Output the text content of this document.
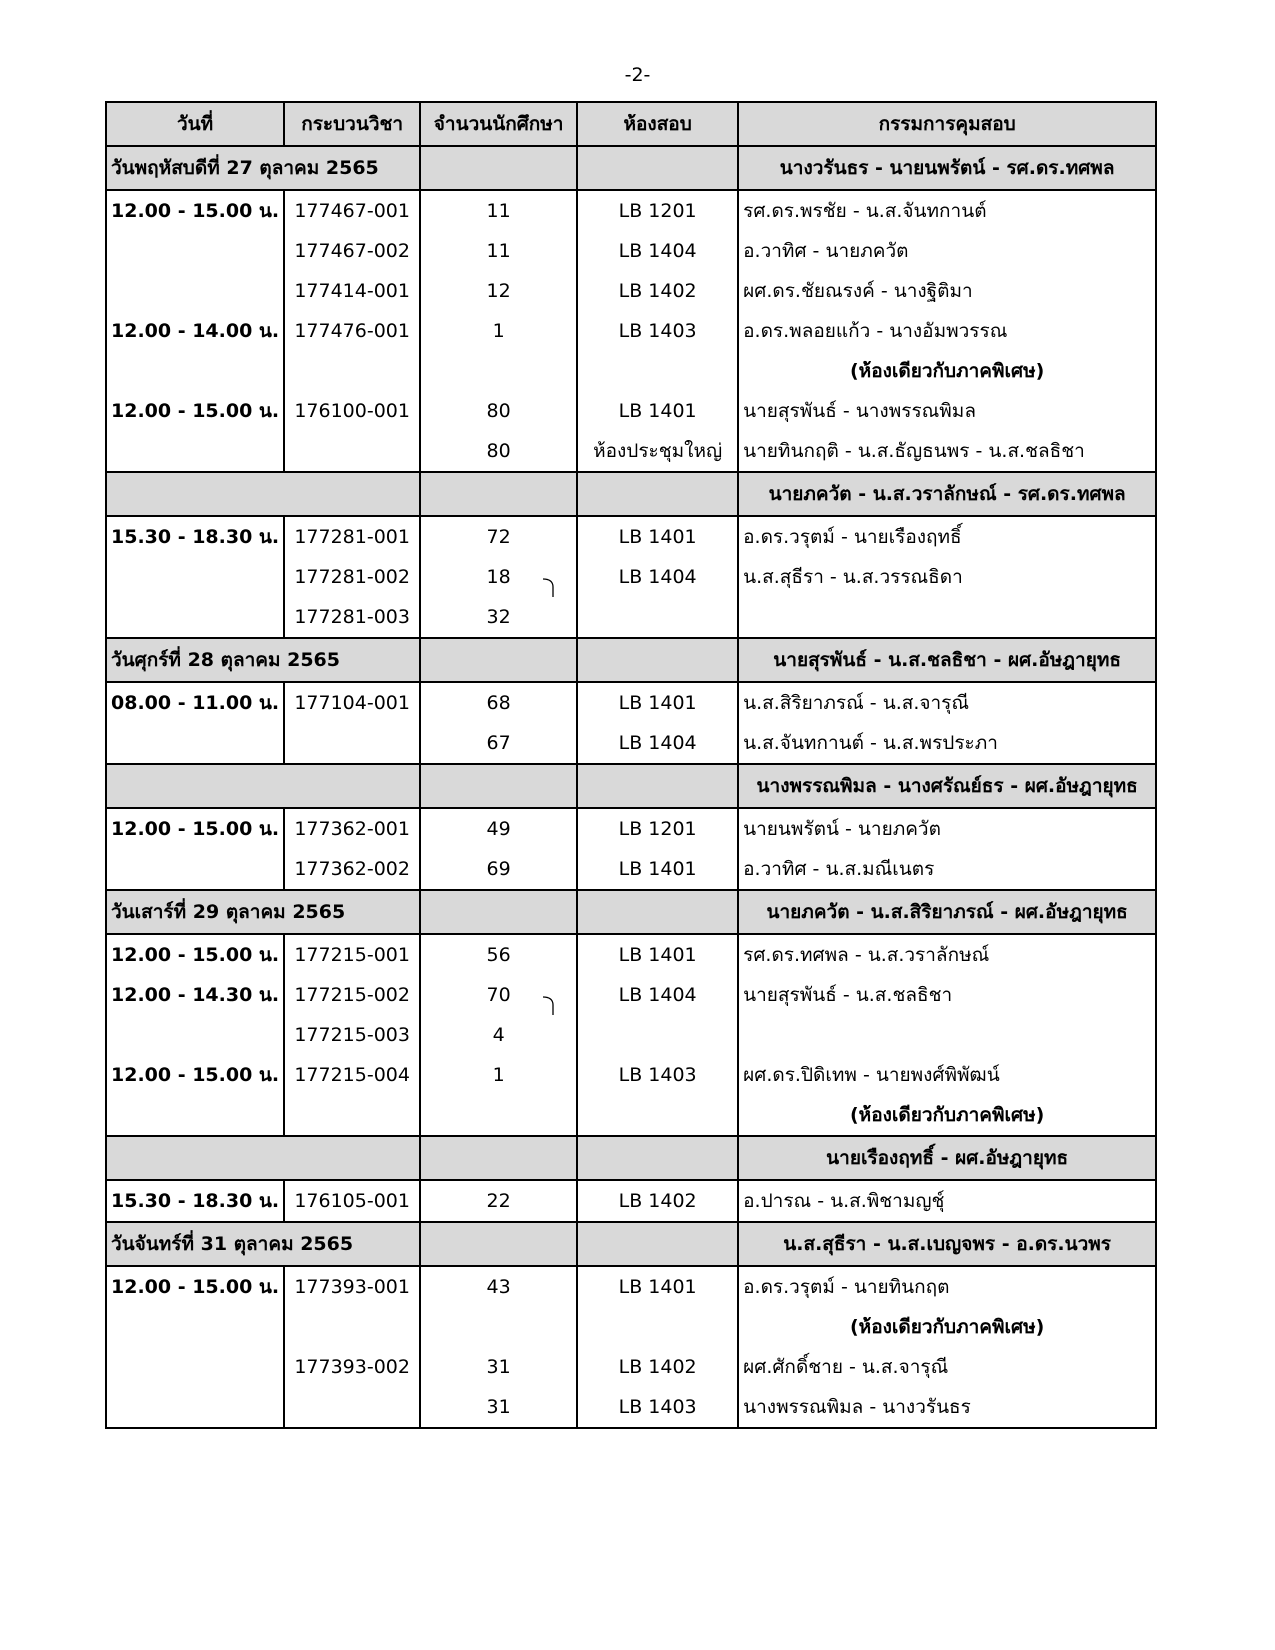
-2-
วันที่	กระบวนวิชา	จำนวนนักศึกษา	ห้องสอบ	กรรมการคุมสอบ
วันพฤหัสบดีที่ 27 ตุลาคม 2565				นางวรันธร - นายนพรัตน์ - รศ.ดร.ทศพล
12.00 - 15.00 น.	177467-001	11	LB 1201	รศ.ดร.พรชัย - น.ส.จันทกานต์
	177467-002	11	LB 1404	อ.วาทิศ - นายภควัต
	177414-001	12	LB 1402	ผศ.ดร.ชัยณรงค์ - นางฐิติมา
12.00 - 14.00 น.	177476-001	1	LB 1403	อ.ดร.พลอยแก้ว - นางอัมพวรรณ
				(ห้องเดียวกับภาคพิเศษ)
12.00 - 15.00 น.	176100-001	80	LB 1401	นายสุรพันธ์ - นางพรรณพิมล
		80	ห้องประชุมใหญ่	นายทินกฤติ - น.ส.ธัญธนพร - น.ส.ชลธิชา
				นายภควัต - น.ส.วราลักษณ์ - รศ.ดร.ทศพล
15.30 - 18.30 น.	177281-001	72	LB 1401	อ.ดร.วรุตม์ - นายเรืองฤทธิ์
	177281-002	18	LB 1404	น.ส.สุธีรา - น.ส.วรรณธิดา
	177281-003	32		
วันศุกร์ที่ 28 ตุลาคม 2565				นายสุรพันธ์ - น.ส.ชลธิชา - ผศ.อัษฎายุทธ
08.00 - 11.00 น.	177104-001	68	LB 1401	น.ส.สิริยาภรณ์ - น.ส.จารุณี
		67	LB 1404	น.ส.จันทกานต์ - น.ส.พรประภา
				นางพรรณพิมล - นางศรัณย์ธร - ผศ.อัษฎายุทธ
12.00 - 15.00 น.	177362-001	49	LB 1201	นายนพรัตน์ - นายภควัต
	177362-002	69	LB 1401	อ.วาทิศ - น.ส.มณีเนตร
วันเสาร์ที่ 29 ตุลาคม 2565				นายภควัต - น.ส.สิริยาภรณ์ - ผศ.อัษฎายุทธ
12.00 - 15.00 น.	177215-001	56	LB 1401	รศ.ดร.ทศพล - น.ส.วราลักษณ์
12.00 - 14.30 น.	177215-002	70	LB 1404	นายสุรพันธ์ - น.ส.ชลธิชา
	177215-003	4		
12.00 - 15.00 น.	177215-004	1	LB 1403	ผศ.ดร.ปิดิเทพ - นายพงศ์พิพัฒน์
				(ห้องเดียวกับภาคพิเศษ)
				นายเรืองฤทธิ์ - ผศ.อัษฎายุทธ
15.30 - 18.30 น.	176105-001	22	LB 1402	อ.ปารณ - น.ส.พิชามญชุ์
วันจันทร์ที่ 31 ตุลาคม 2565				น.ส.สุธีรา - น.ส.เบญจพร - อ.ดร.นวพร
12.00 - 15.00 น.	177393-001	43	LB 1401	อ.ดร.วรุตม์ - นายทินกฤต
				(ห้องเดียวกับภาคพิเศษ)
	177393-002	31	LB 1402	ผศ.ศักดิ์ชาย - น.ส.จารุณี
		31	LB 1403	นางพรรณพิมล - นางวรันธร
